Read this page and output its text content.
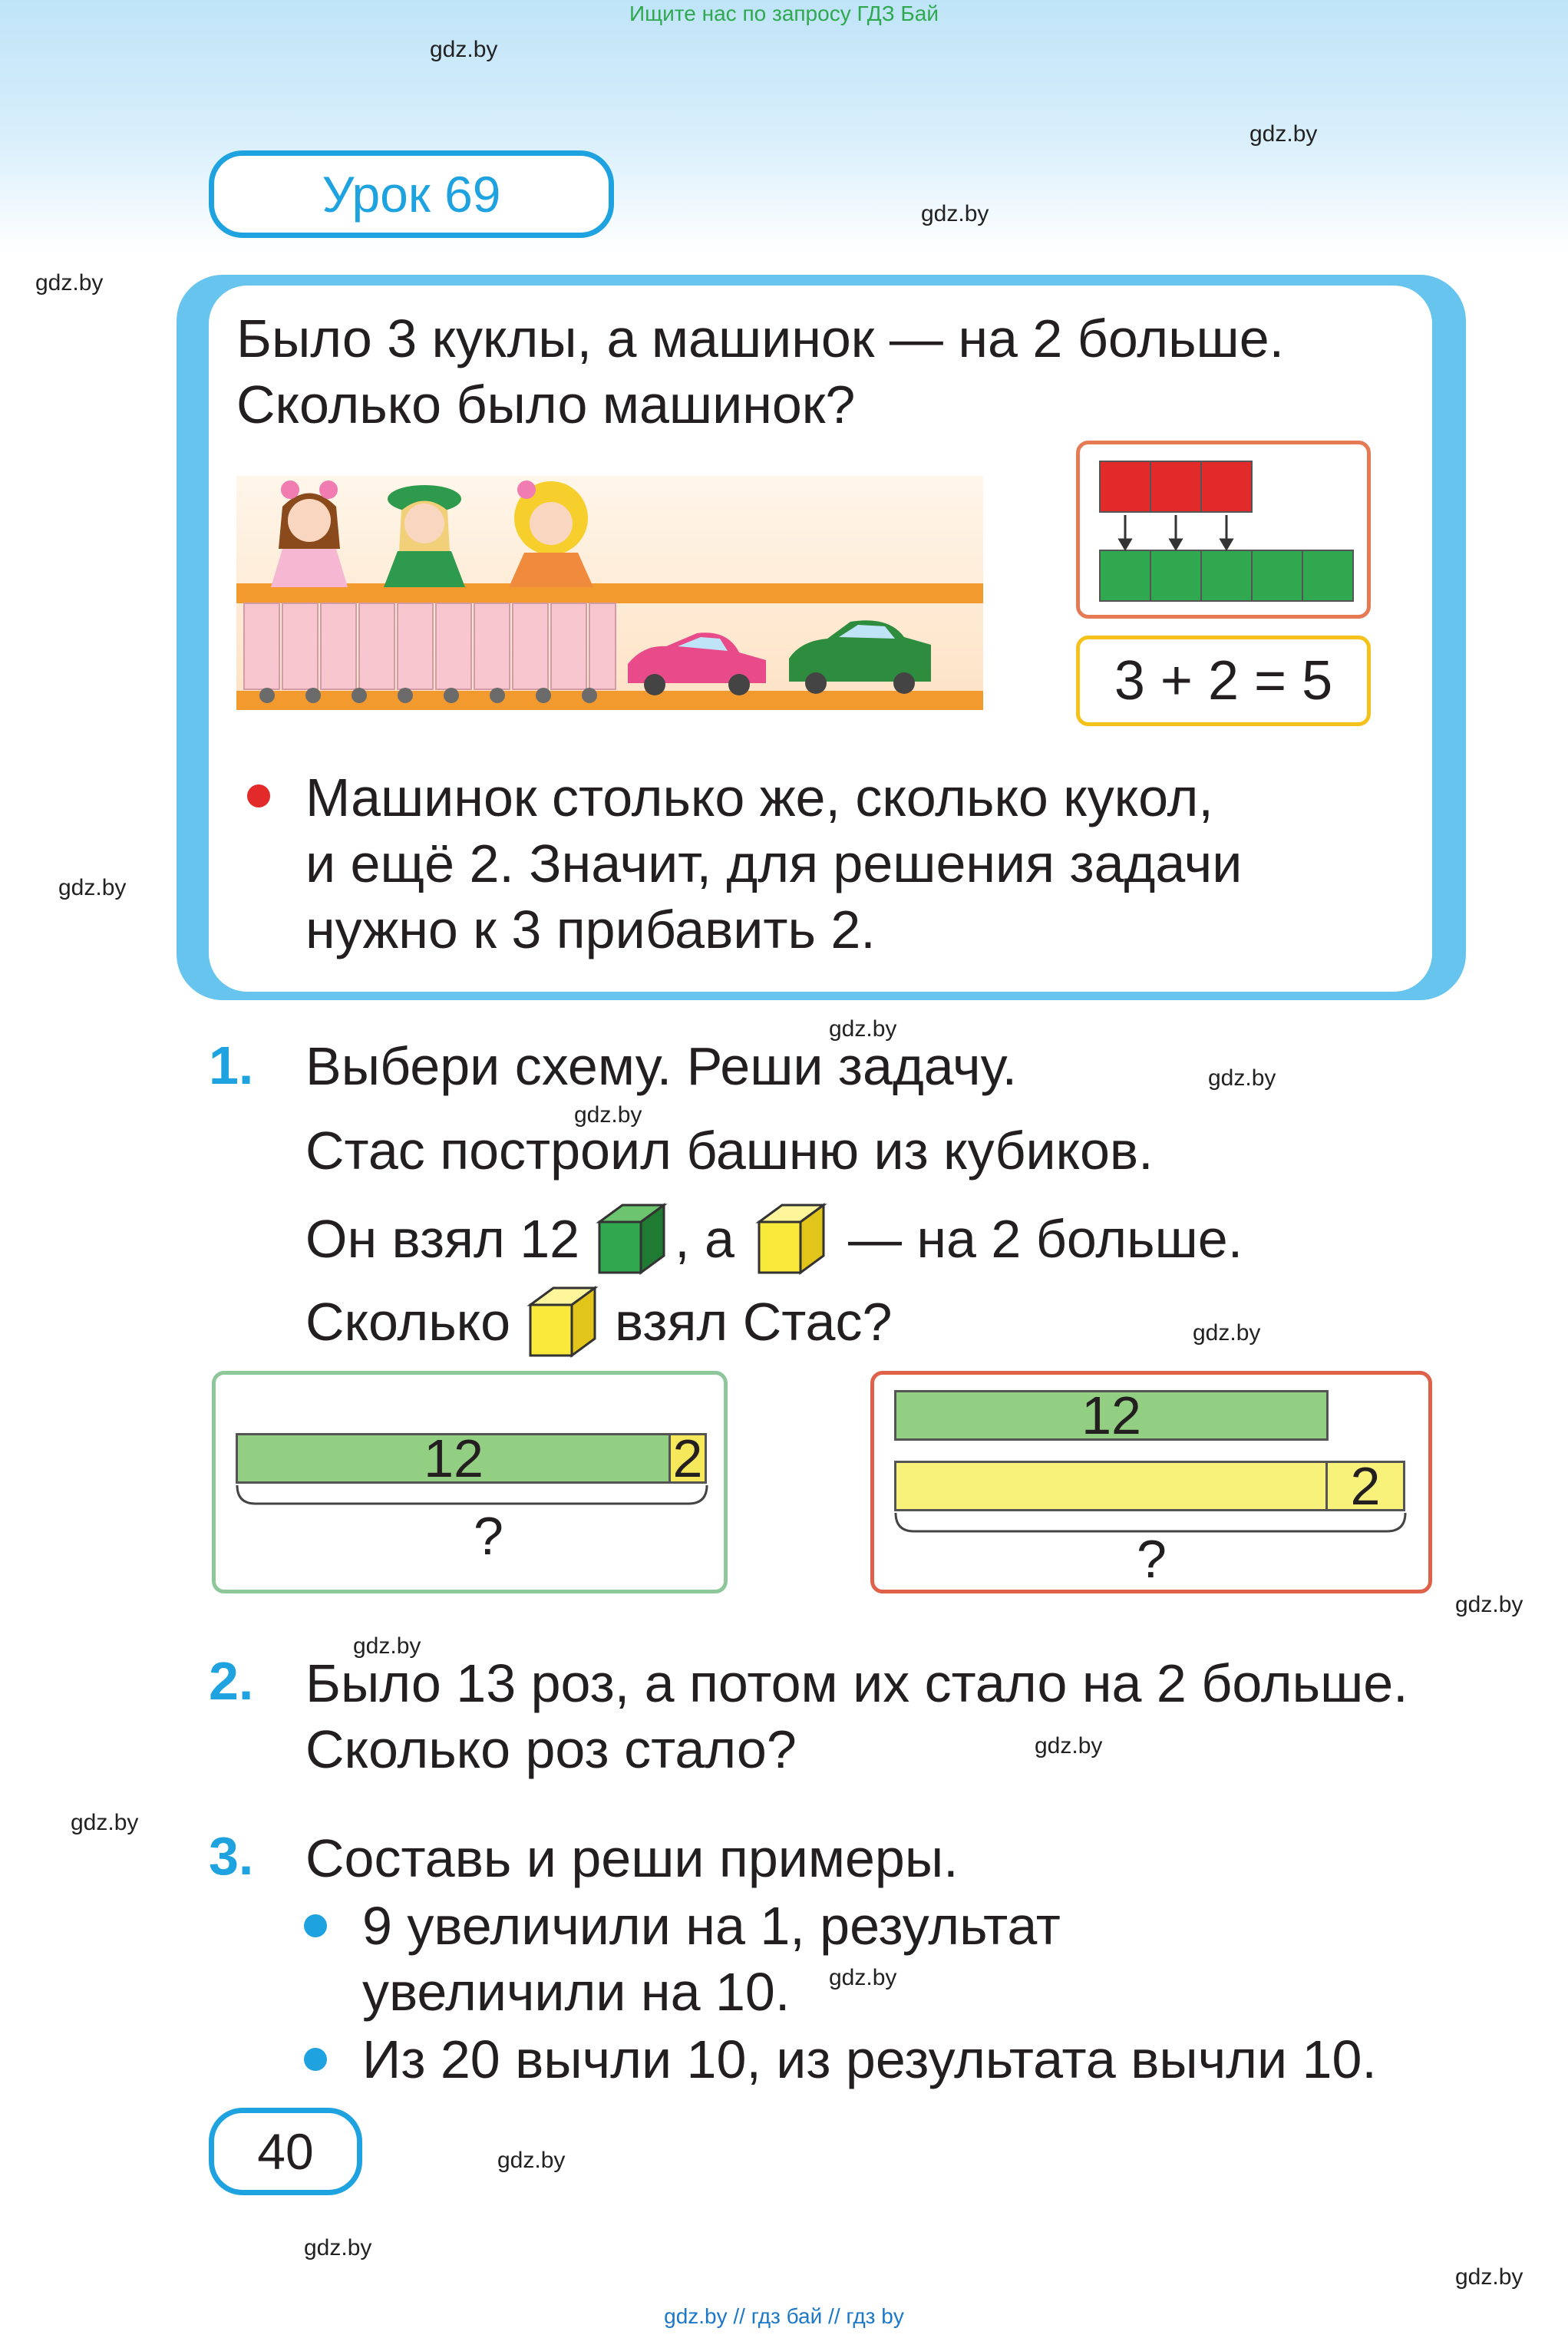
Ищите нас по запросу ГДЗ Бай
gdz.by
gdz.by
gdz.by
gdz.by
gdz.by
gdz.by
gdz.by
gdz.by
gdz.by
gdz.by
gdz.by
gdz.by
gdz.by
gdz.by
gdz.by
gdz.by
gdz.by
Урок 69
Было 3 куклы, а машинок — на 2 больше.
Сколько было машинок?
3 + 2 = 5
Машинок столько же, сколько кукол,
и ещё 2. Значит, для решения задачи
нужно к 3 прибавить 2.
1. Выбери схему. Реши задачу.
Стас построил башню из кубиков.
Он взял 12 , а — на 2 больше.
Сколько взял Стас?
12	2
?
12
2
?
2. Было 13 роз, а потом их стало на 2 больше.
Сколько роз стало?
3. Составь и реши примеры.
9 увеличили на 1, результат
увеличили на 10.
Из 20 вычли 10, из результата вычли 10.
40
gdz.by // гдз бай // гдз by
